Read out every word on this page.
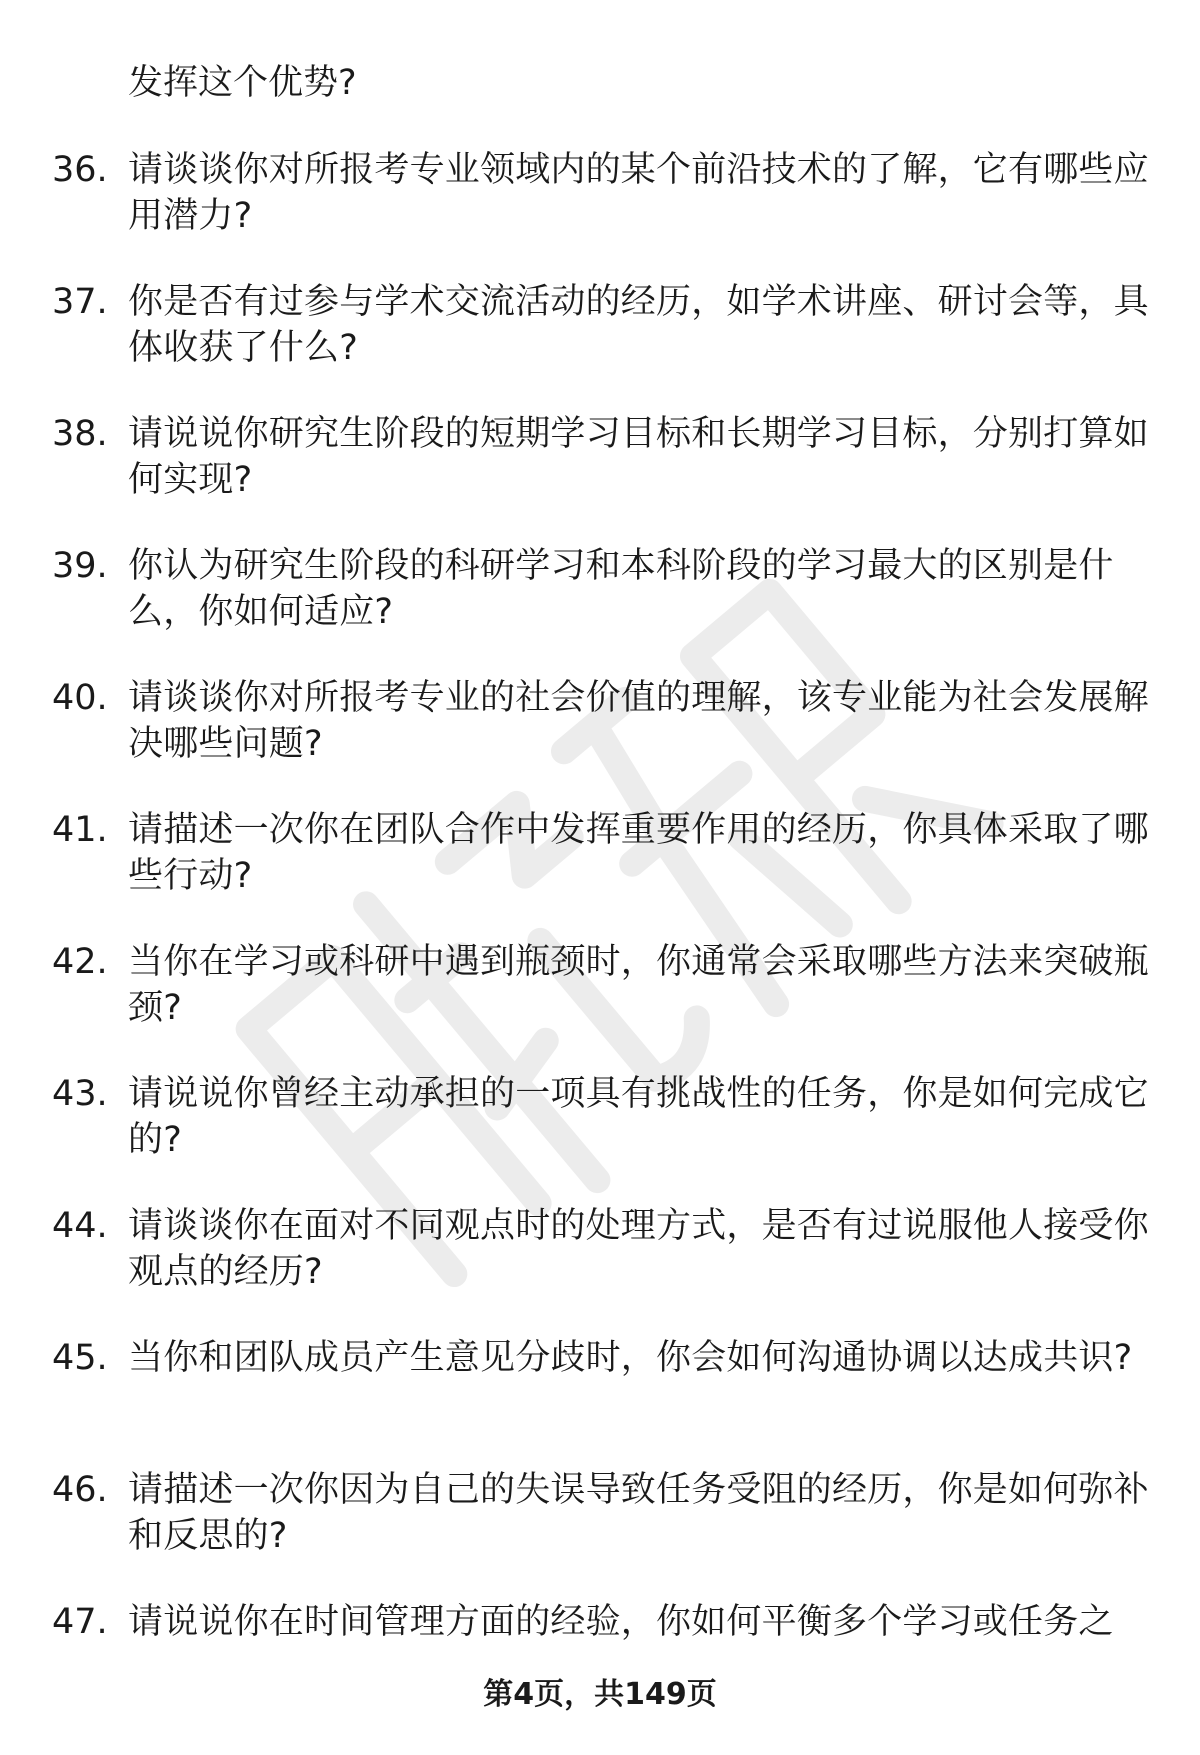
发挥这个优势?
36. 请谈谈你对所报考专业领域内的某个前沿技术的了解，它有哪些应用潜力?
37. 你是否有过参与学术交流活动的经历，如学术讲座、研讨会等，具体收获了什么?
38. 请说说你研究生阶段的短期学习目标和长期学习目标，分别打算如何实现?
39. 你认为研究生阶段的科研学习和本科阶段的学习最大的区别是什么，你如何适应?
40. 请谈谈你对所报考专业的社会价值的理解，该专业能为社会发展解决哪些问题?
41. 请描述一次你在团队合作中发挥重要作用的经历，你具体采取了哪些行动?
42. 当你在学习或科研中遇到瓶颈时，你通常会采取哪些方法来突破瓶颈?
43. 请说说你曾经主动承担的一项具有挑战性的任务，你是如何完成它的?
44. 请谈谈你在面对不同观点时的处理方式，是否有过说服他人接受你观点的经历?
45. 当你和团队成员产生意见分歧时，你会如何沟通协调以达成共识?
46. 请描述一次你因为自己的失误导致任务受阻的经历，你是如何弥补和反思的?
47. 请说说你在时间管理方面的经验，你如何平衡多个学习或任务之
第4页，共149页
